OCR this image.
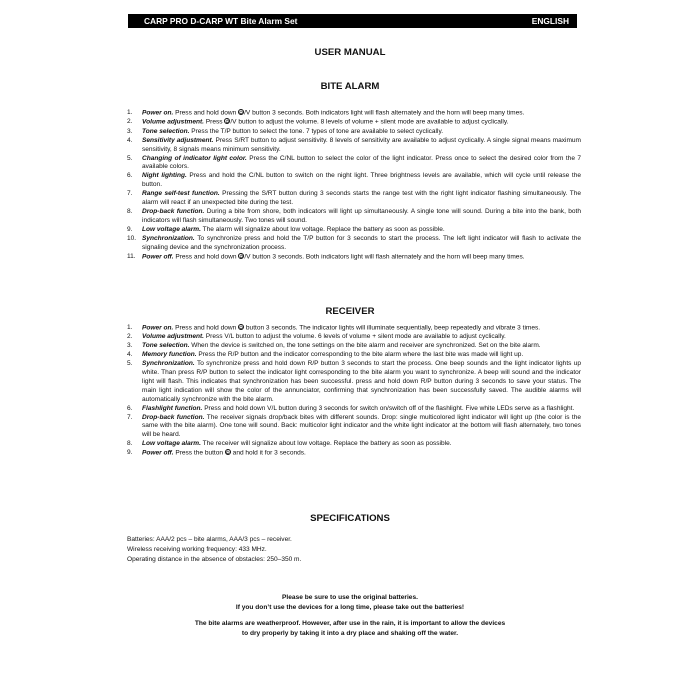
CARP PRO D-CARP WT Bite Alarm Set	ENGLISH
USER MANUAL
BITE ALARM
1. Power on. Press and hold down ⏻/V button 3 seconds. Both indicators light will flash alternately and the horn will beep many times.
2. Volume adjustment. Press ⏻/V button to adjust the volume. 8 levels of volume + silent mode are available to adjust cyclically.
3. Tone selection. Press the T/P button to select the tone. 7 types of tone are available to select cyclically.
4. Sensitivity adjustment. Press S/RT button to adjust sensitivity. 8 levels of sensitivity are available to adjust cyclically. A single signal means maximum sensitivity, 8 signals means minimum sensitivity.
5. Changing of indicator light color. Press the C/NL button to select the color of the light indicator. Press once to select the desired color from the 7 available colors.
6. Night lighting. Press and hold the C/NL button to switch on the night light. Three brightness levels are available, which will cycle until release the button.
7. Range self-test function. Pressing the S/RT button during 3 seconds starts the range test with the right light indicator flashing simultaneously. The alarm will react if an unexpected bite during the test.
8. Drop-back function. During a bite from shore, both indicators will light up simultaneously. A single tone will sound. During a bite into the bank, both indicators will flash simultaneously. Two tones will sound.
9. Low voltage alarm. The alarm will signalize about low voltage. Replace the battery as soon as possible.
10. Synchronization. To synchronize press and hold the T/P button for 3 seconds to start the process. The left light indicator will flash to activate the signaling device and the synchronization process.
11. Power off. Press and hold down ⏻/V button 3 seconds. Both indicators light will flash alternately and the horn will beep many times.
RECEIVER
1. Power on. Press and hold down ⏻ button 3 seconds. The indicator lights will illuminate sequentially, beep repeatedly and vibrate 3 times.
2. Volume adjustment. Press V/L button to adjust the volume. 6 levels of volume + silent mode are available to adjust cyclically.
3. Tone selection. When the device is switched on, the tone settings on the bite alarm and receiver are synchronized. Set on the bite alarm.
4. Memory function. Press the R/P button and the indicator corresponding to the bite alarm where the last bite was made will light up.
5. Synchronization. To synchronize press and hold down R/P button 3 seconds to start the process. One beep sounds and the light indicator lights up white. Than press R/P button to select the indicator light corresponding to the bite alarm you want to synchronize. A beep will sound and the indicator light will flash. This indicates that synchronization has been successful. press and hold down R/P button during 3 seconds to save your status. The main light indication will show the color of the annunciator, confirming that synchronization has been successfully saved. The audible alarms will automatically synchronize with the bite alarm.
6. Flashlight function. Press and hold down V/L button during 3 seconds for switch on/switch off of the flashlight. Five white LEDs serve as a flashlight.
7. Drop-back function. The receiver signals drop/back bites with different sounds. Drop: single multicolored light indicator will light up (the color is the same with the bite alarm). One tone will sound. Back: multicolor light indicator and the white light indicator at the bottom will flash alternately, two tones will be heard.
8. Low voltage alarm. The receiver will signalize about low voltage. Replace the battery as soon as possible.
9. Power off. Press the button ⏻ and hold it for 3 seconds.
SPECIFICATIONS
Batteries: AAA/2 pcs – bite alarms, AAA/3 pcs – receiver.
Wireless receiving working frequency: 433 MHz.
Operating distance in the absence of obstacles: 250–350 m.
Please be sure to use the original batteries.
If you don’t use the devices for a long time, please take out the batteries!
The bite alarms are weatherproof. However, after use in the rain, it is important to allow the devices
to dry properly by taking it into a dry place and shaking off the water.
